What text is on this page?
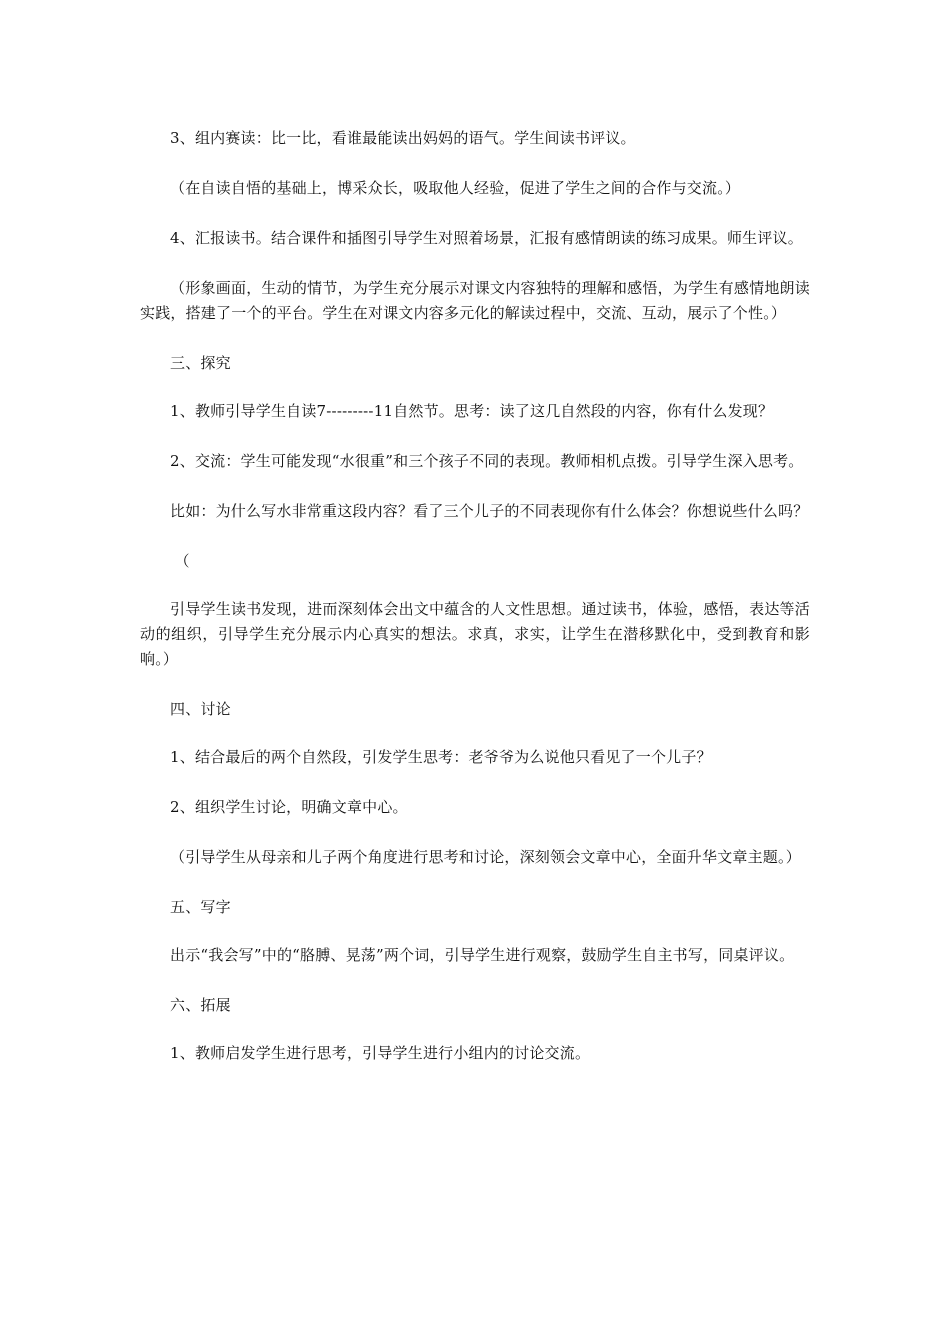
3、组内赛读：比一比，看谁最能读出妈妈的语气。学生间读书评议。

（在自读自悟的基础上，博采众长，吸取他人经验，促进了学生之间的合作与交流。）

4、汇报读书。结合课件和插图引导学生对照着场景，汇报有感情朗读的练习成果。师生评议。

（形象画面，生动的情节，为学生充分展示对课文内容独特的理解和感悟，为学生有感情地朗读实践，搭建了一个的平台。学生在对课文内容多元化的解读过程中，交流、互动，展示了个性。）

三、探究

1、教师引导学生自读7---------11自然节。思考：读了这几自然段的内容，你有什么发现？

2、交流：学生可能发现“水很重”和三个孩子不同的表现。教师相机点拨。引导学生深入思考。

比如：为什么写水非常重这段内容？看了三个儿子的不同表现你有什么体会？你想说些什么吗？

（

引导学生读书发现，进而深刻体会出文中蕴含的人文性思想。通过读书，体验，感悟，表达等活动的组织，引导学生充分展示内心真实的想法。求真，求实，让学生在潜移默化中，受到教育和影响。）

四、讨论

1、结合最后的两个自然段，引发学生思考：老爷爷为么说他只看见了一个儿子？

2、组织学生讨论，明确文章中心。

（引导学生从母亲和儿子两个角度进行思考和讨论，深刻领会文章中心，全面升华文章主题。）

五、写字

出示“我会写”中的“胳膊、晃荡”两个词，引导学生进行观察，鼓励学生自主书写，同桌评议。

六、拓展

1、教师启发学生进行思考，引导学生进行小组内的讨论交流。
